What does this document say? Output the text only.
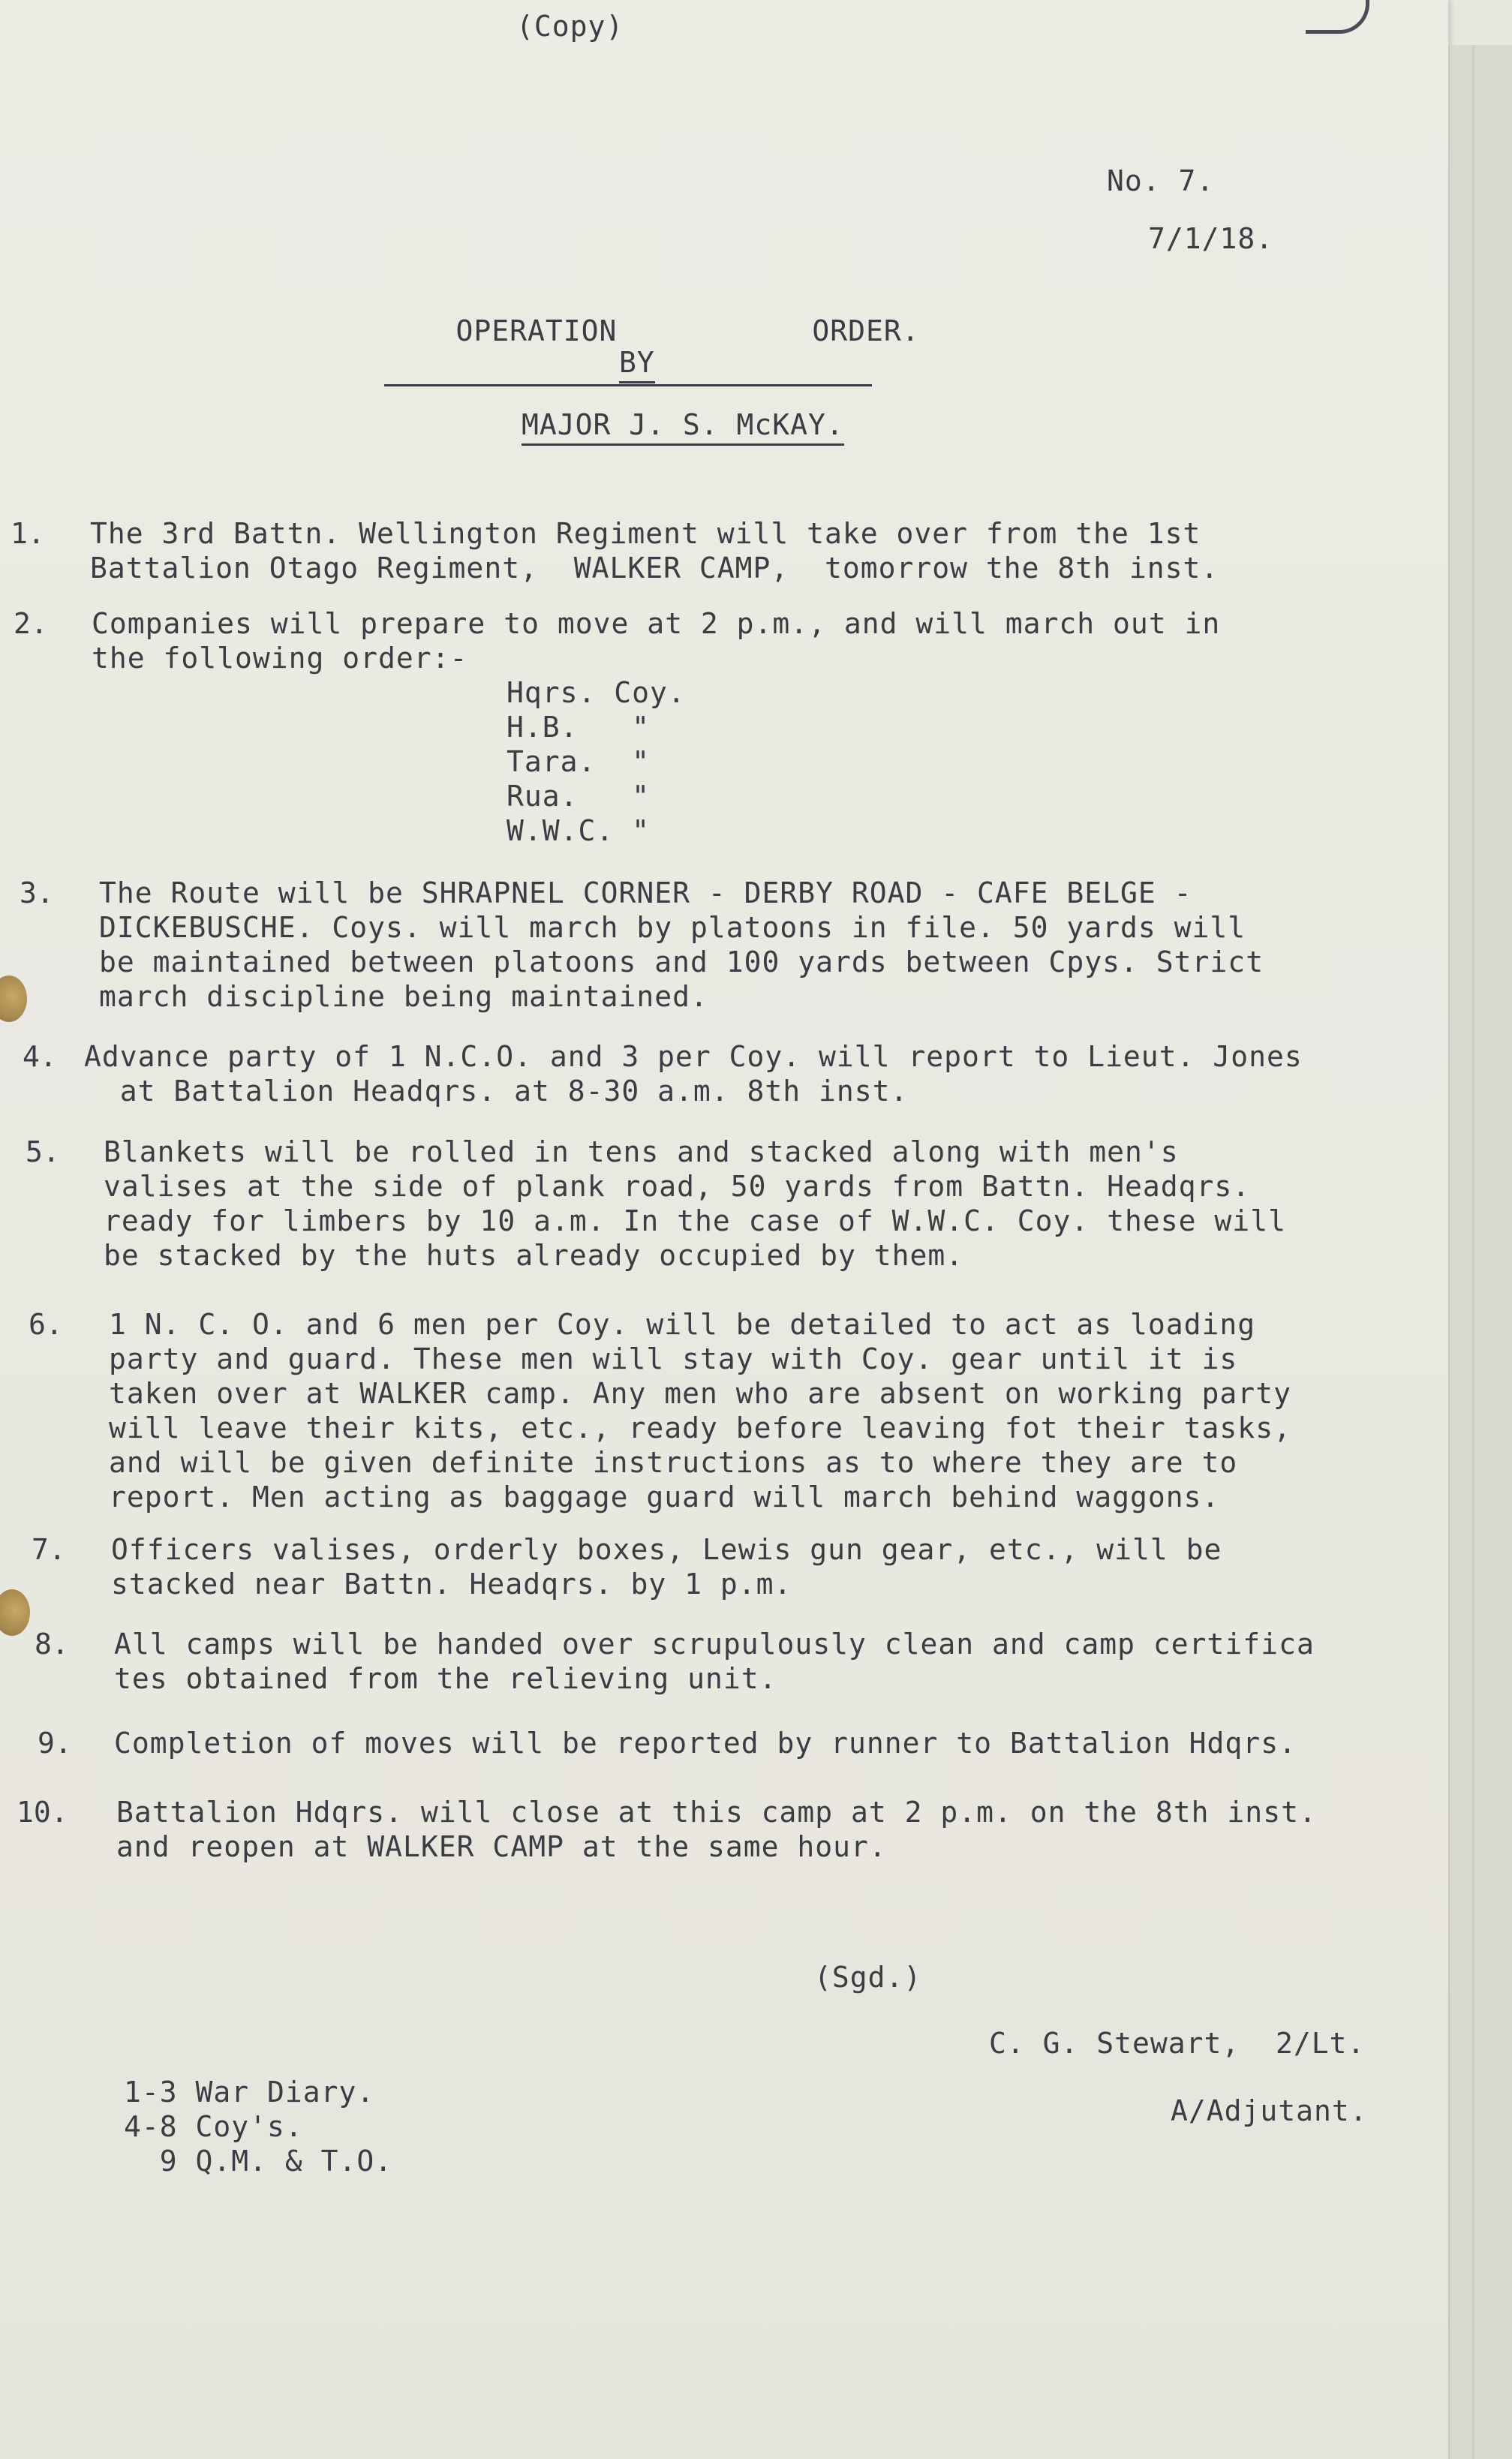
(Copy)
No. 7.
7/1/18.

OPERATION	ORDER.

BY
MAJOR J. S. McKAY.
1. The 3rd Battn. Wellington Regiment will take over from the 1st
Battalion Otago Regiment,  WALKER CAMP,  tomorrow the 8th inst.
2. Companies will prepare to move at 2 p.m., and will march out in
the following order:-
Hqrs. Coy.
H.B.   "
Tara.  "
Rua.   "
W.W.C. "
3. The Route will be SHRAPNEL CORNER - DERBY ROAD - CAFE BELGE -
DICKEBUSCHE. Coys. will march by platoons in file. 50 yards will
be maintained between platoons and 100 yards between Cpys. Strict
march discipline being maintained.
4. Advance party of 1 N.C.O. and 3 per Coy. will report to Lieut. Jones
at Battalion Headqrs. at 8-30 a.m. 8th inst.
5. Blankets will be rolled in tens and stacked along with men's
valises at the side of plank road, 50 yards from Battn. Headqrs.
ready for limbers by 10 a.m. In the case of W.W.C. Coy. these will
be stacked by the huts already occupied by them.
6. 1 N. C. O. and 6 men per Coy. will be detailed to act as loading
party and guard. These men will stay with Coy. gear until it is
taken over at WALKER camp. Any men who are absent on working party
will leave their kits, etc., ready before leaving fot their tasks,
and will be given definite instructions as to where they are to
report. Men acting as baggage guard will march behind waggons.
7. Officers valises, orderly boxes, Lewis gun gear, etc., will be
stacked near Battn. Headqrs. by 1 p.m.
8. All camps will be handed over scrupulously clean and camp certifica
tes obtained from the relieving unit.
9. Completion of moves will be reported by runner to Battalion Hdqrs.
10. Battalion Hdqrs. will close at this camp at 2 p.m. on the 8th inst.
and reopen at WALKER CAMP at the same hour.
(Sgd.)
C. G. Stewart,  2/Lt.
A/Adjutant.
1-3 War Diary.
4-8 Coy's.
9 Q.M. & T.O.
